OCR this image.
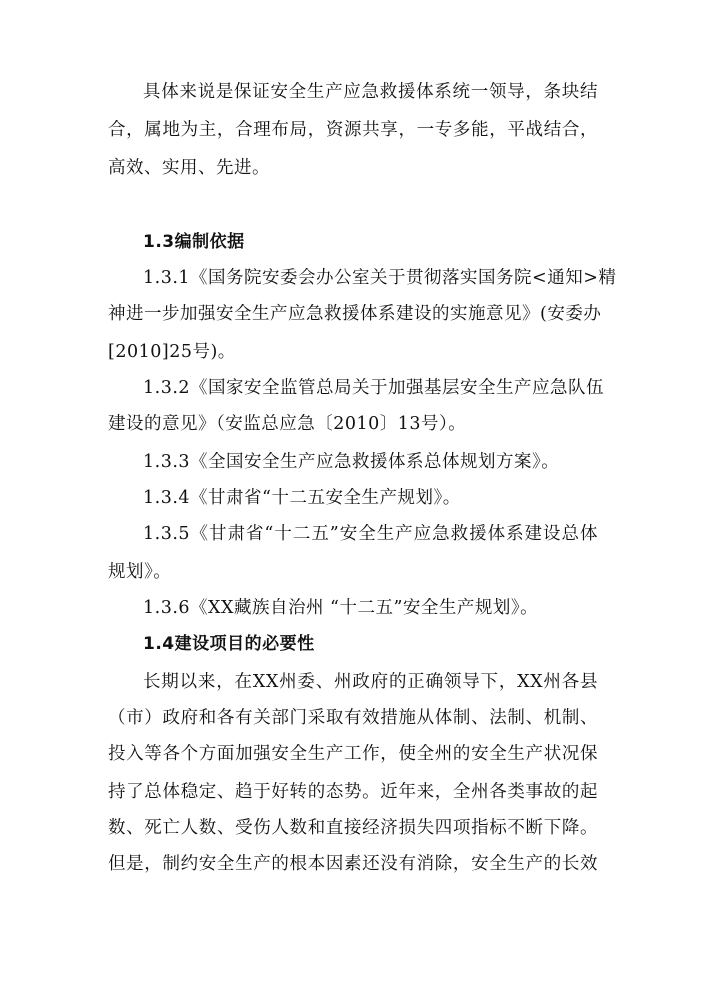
具体来说是保证安全生产应急救援体系统一领导，条块结
合，属地为主，合理布局，资源共享，一专多能，平战结合，
高效、实用、先进。
1.3编制依据
1.3.1《国务院安委会办公室关于贯彻落实国务院<通知>精
神进一步加强安全生产应急救援体系建设的实施意见》(安委办
[2010]25号)。
1.3.2《国家安全监管总局关于加强基层安全生产应急队伍
建设的意见》（安监总应急〔2010〕13号）。
1.3.3《全国安全生产应急救援体系总体规划方案》。
1.3.4《甘肃省“十二五安全生产规划》。
1.3.5《甘肃省“十二五”安全生产应急救援体系建设总体
规划》。
1.3.6《XX藏族自治州 “十二五”安全生产规划》。
1.4建设项目的必要性
长期以来，在XX州委、州政府的正确领导下，XX州各县
（市）政府和各有关部门采取有效措施从体制、法制、机制、
投入等各个方面加强安全生产工作，使全州的安全生产状况保
持了总体稳定、趋于好转的态势。近年来，全州各类事故的起
数、死亡人数、受伤人数和直接经济损失四项指标不断下降。
但是，制约安全生产的根本因素还没有消除，安全生产的长效
